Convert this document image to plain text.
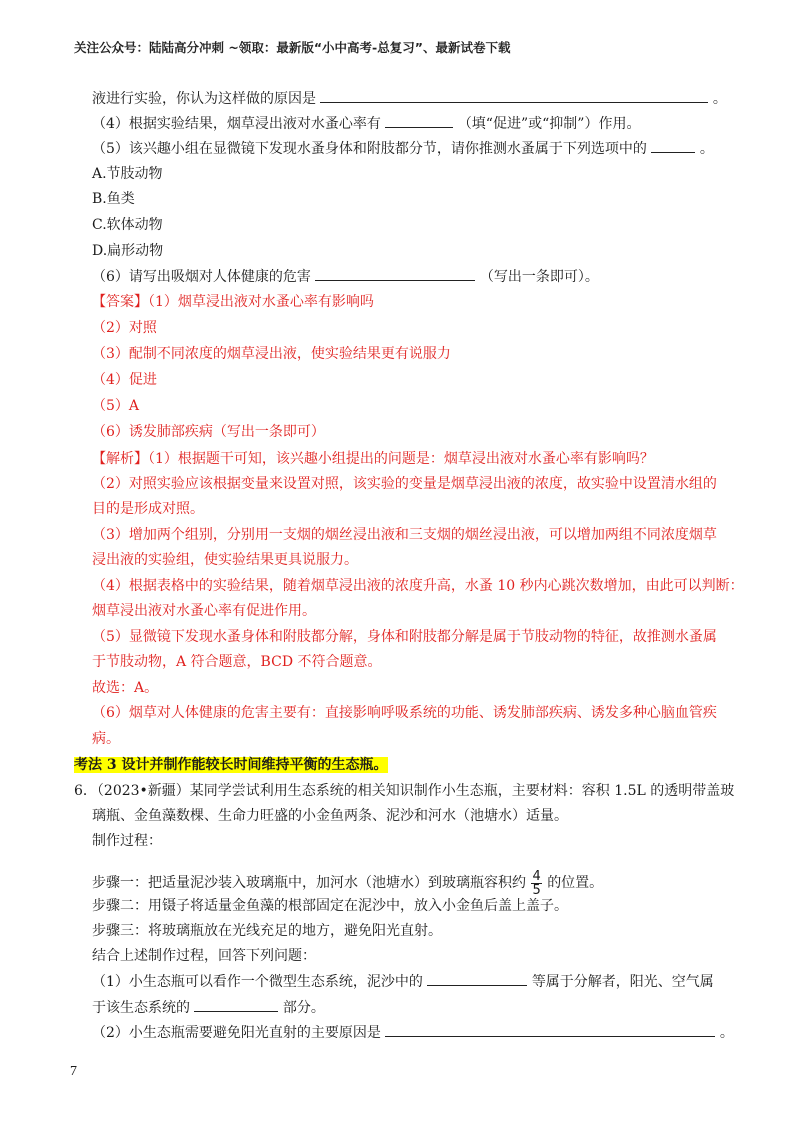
关注公众号：陆陆高分冲刺 ~领取：最新版“小中高考-总复习”、最新试卷下载
液进行实验，你认为这样做的原因是	。
（4）根据实验结果，烟草浸出液对水蚤心率有	（填“促进”或“抑制”）作用。
（5）该兴趣小组在显微镜下发现水蚤身体和附肢都分节，请你推测水蚤属于下列选项中的	。
A.节肢动物
B.鱼类
C.软体动物
D.扁形动物
（6）请写出吸烟对人体健康的危害	（写出一条即可）。
【答案】（1）烟草浸出液对水蚤心率有影响吗
（2）对照
（3）配制不同浓度的烟草浸出液，使实验结果更有说服力
（4）促进
（5）A
（6）诱发肺部疾病（写出一条即可）
【解析】（1）根据题干可知，该兴趣小组提出的问题是：烟草浸出液对水蚤心率有影响吗？
（2）对照实验应该根据变量来设置对照，该实验的变量是烟草浸出液的浓度，故实验中设置清水组的
目的是形成对照。
（3）增加两个组别，分别用一支烟的烟丝浸出液和三支烟的烟丝浸出液，可以增加两组不同浓度烟草
浸出液的实验组，使实验结果更具说服力。
（4）根据表格中的实验结果，随着烟草浸出液的浓度升高，水蚤 10 秒内心跳次数增加，由此可以判断：
烟草浸出液对水蚤心率有促进作用。
（5）显微镜下发现水蚤身体和附肢都分解，身体和附肢都分解是属于节肢动物的特征，故推测水蚤属
于节肢动物，A 符合题意，BCD 不符合题意。
故选：A。
（6）烟草对人体健康的危害主要有：直接影响呼吸系统的功能、诱发肺部疾病、诱发多种心脑血管疾
病。
考法 3 设计并制作能较长时间维持平衡的生态瓶。
6．（2023•新疆）某同学尝试利用生态系统的相关知识制作小生态瓶，主要材料：容积 1.5L 的透明带盖玻
璃瓶、金鱼藻数棵、生命力旺盛的小金鱼两条、泥沙和河水（池塘水）适量。
制作过程：
步骤一：把适量泥沙装入玻璃瓶中，加河水（池塘水）到玻璃瓶容积约 $\frac{4}{5}$ 的位置。
步骤二：用镊子将适量金鱼藻的根部固定在泥沙中，放入小金鱼后盖上盖子。
步骤三：将玻璃瓶放在光线充足的地方，避免阳光直射。
结合上述制作过程，回答下列问题：
（1）小生态瓶可以看作一个微型生态系统，泥沙中的	等属于分解者，阳光、空气属
于该生态系统的	部分。
（2）小生态瓶需要避免阳光直射的主要原因是	。
7
